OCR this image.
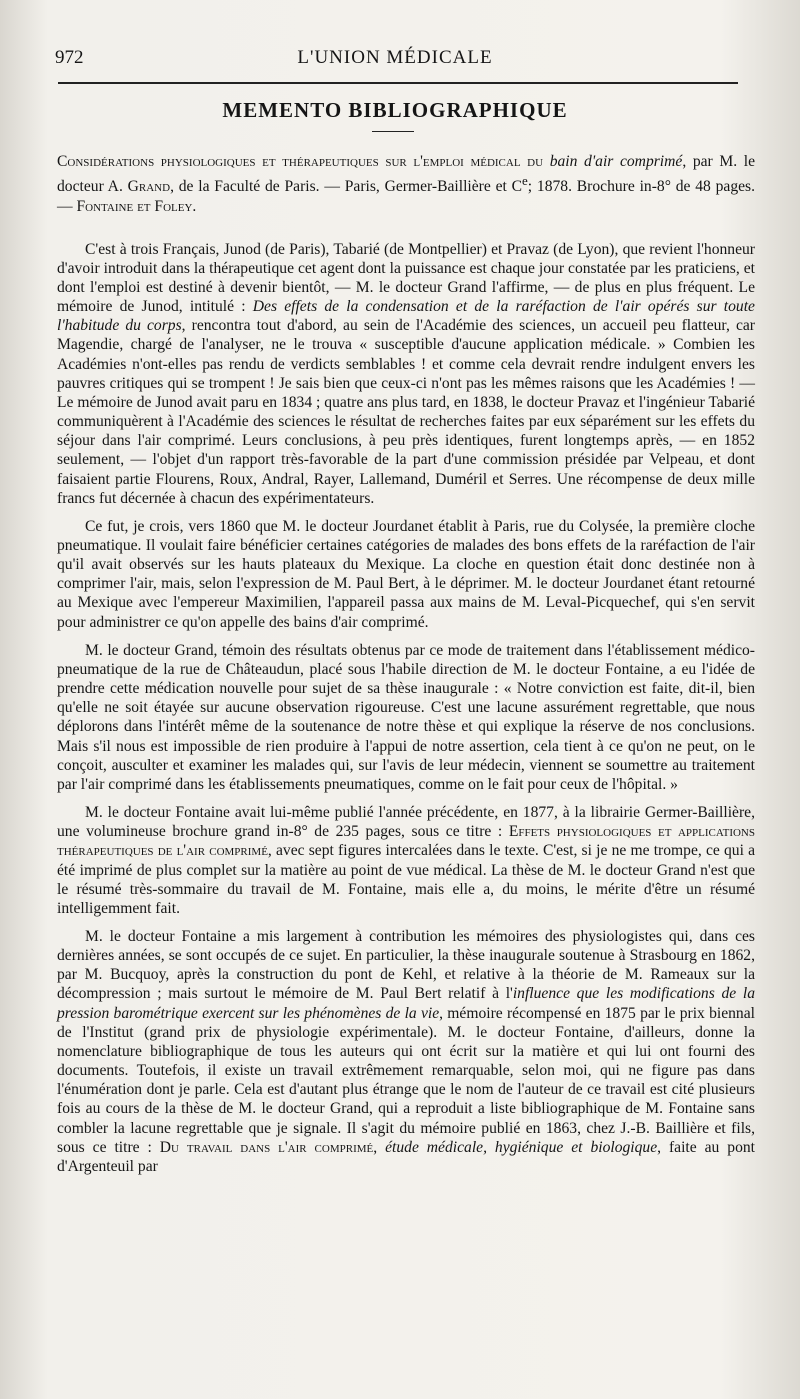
972	L'UNION MÉDICALE
MEMENTO BIBLIOGRAPHIQUE

Considérations physiologiques et thérapeutiques sur l'emploi médical du bain d'air comprimé, par M. le docteur A. Grand, de la Faculté de Paris. — Paris, Germer-Baillière et Ce; 1878. Brochure in-8° de 48 pages. — Fontaine et Foley.

C'est à trois Français, Junod (de Paris), Tabarié (de Montpellier) et Pravaz (de Lyon), que revient l'honneur d'avoir introduit dans la thérapeutique cet agent dont la puissance est chaque jour constatée par les praticiens, et dont l'emploi est destiné à devenir bientôt, — M. le docteur Grand l'affirme, — de plus en plus fréquent. Le mémoire de Junod, intitulé : Des effets de la condensation et de la raréfaction de l'air opérés sur toute l'habitude du corps, rencontra tout d'abord, au sein de l'Académie des sciences, un accueil peu flatteur, car Magendie, chargé de l'analyser, ne le trouva « susceptible d'aucune application médicale. » Combien les Académies n'ont-elles pas rendu de verdicts semblables ! et comme cela devrait rendre indulgent envers les pauvres critiques qui se trompent ! Je sais bien que ceux-ci n'ont pas les mêmes raisons que les Académies ! — Le mémoire de Junod avait paru en 1834 ; quatre ans plus tard, en 1838, le docteur Pravaz et l'ingénieur Tabarié communiquèrent à l'Académie des sciences le résultat de recherches faites par eux séparément sur les effets du séjour dans l'air comprimé. Leurs conclusions, à peu près identiques, furent longtemps après, — en 1852 seulement, — l'objet d'un rapport très-favorable de la part d'une commission présidée par Velpeau, et dont faisaient partie Flourens, Roux, Andral, Rayer, Lallemand, Duméril et Serres. Une récompense de deux mille francs fut décernée à chacun des expérimentateurs.

Ce fut, je crois, vers 1860 que M. le docteur Jourdanet établit à Paris, rue du Colysée, la première cloche pneumatique. Il voulait faire bénéficier certaines catégories de malades des bons effets de la raréfaction de l'air qu'il avait observés sur les hauts plateaux du Mexique. La cloche en question était donc destinée non à comprimer l'air, mais, selon l'expression de M. Paul Bert, à le déprimer. M. le docteur Jourdanet étant retourné au Mexique avec l'empereur Maximilien, l'appareil passa aux mains de M. Leval-Picquechef, qui s'en servit pour administrer ce qu'on appelle des bains d'air comprimé.

M. le docteur Grand, témoin des résultats obtenus par ce mode de traitement dans l'établissement médico-pneumatique de la rue de Châteaudun, placé sous l'habile direction de M. le docteur Fontaine, a eu l'idée de prendre cette médication nouvelle pour sujet de sa thèse inaugurale : « Notre conviction est faite, dit-il, bien qu'elle ne soit étayée sur aucune observation rigoureuse. C'est une lacune assurément regrettable, que nous déplorons dans l'intérêt même de la soutenance de notre thèse et qui explique la réserve de nos conclusions. Mais s'il nous est impossible de rien produire à l'appui de notre assertion, cela tient à ce qu'on ne peut, on le conçoit, ausculter et examiner les malades qui, sur l'avis de leur médecin, viennent se soumettre au traitement par l'air comprimé dans les établissements pneumatiques, comme on le fait pour ceux de l'hôpital. »

M. le docteur Fontaine avait lui-même publié l'année précédente, en 1877, à la librairie Germer-Baillière, une volumineuse brochure grand in-8° de 235 pages, sous ce titre : Effets physiologiques et applications thérapeutiques de l'air comprimé, avec sept figures intercalées dans le texte. C'est, si je ne me trompe, ce qui a été imprimé de plus complet sur la matière au point de vue médical. La thèse de M. le docteur Grand n'est que le résumé très-sommaire du travail de M. Fontaine, mais elle a, du moins, le mérite d'être un résumé intelligemment fait.

M. le docteur Fontaine a mis largement à contribution les mémoires des physiologistes qui, dans ces dernières années, se sont occupés de ce sujet. En particulier, la thèse inaugurale soutenue à Strasbourg en 1862, par M. Bucquoy, après la construction du pont de Kehl, et relative à la théorie de M. Rameaux sur la décompression ; mais surtout le mémoire de M. Paul Bert relatif à l'influence que les modifications de la pression barométrique exercent sur les phénomènes de la vie, mémoire récompensé en 1875 par le prix biennal de l'Institut (grand prix de physiologie expérimentale). M. le docteur Fontaine, d'ailleurs, donne la nomenclature bibliographique de tous les auteurs qui ont écrit sur la matière et qui lui ont fourni des documents. Toutefois, il existe un travail extrêmement remarquable, selon moi, qui ne figure pas dans l'énumération dont je parle. Cela est d'autant plus étrange que le nom de l'auteur de ce travail est cité plusieurs fois au cours de la thèse de M. le docteur Grand, qui a reproduit a liste bibliographique de M. Fontaine sans combler la lacune regrettable que je signale. Il s'agit du mémoire publié en 1863, chez J.-B. Baillière et fils, sous ce titre : Du travail dans l'air comprimé, étude médicale, hygiénique et biologique, faite au pont d'Argenteuil par
